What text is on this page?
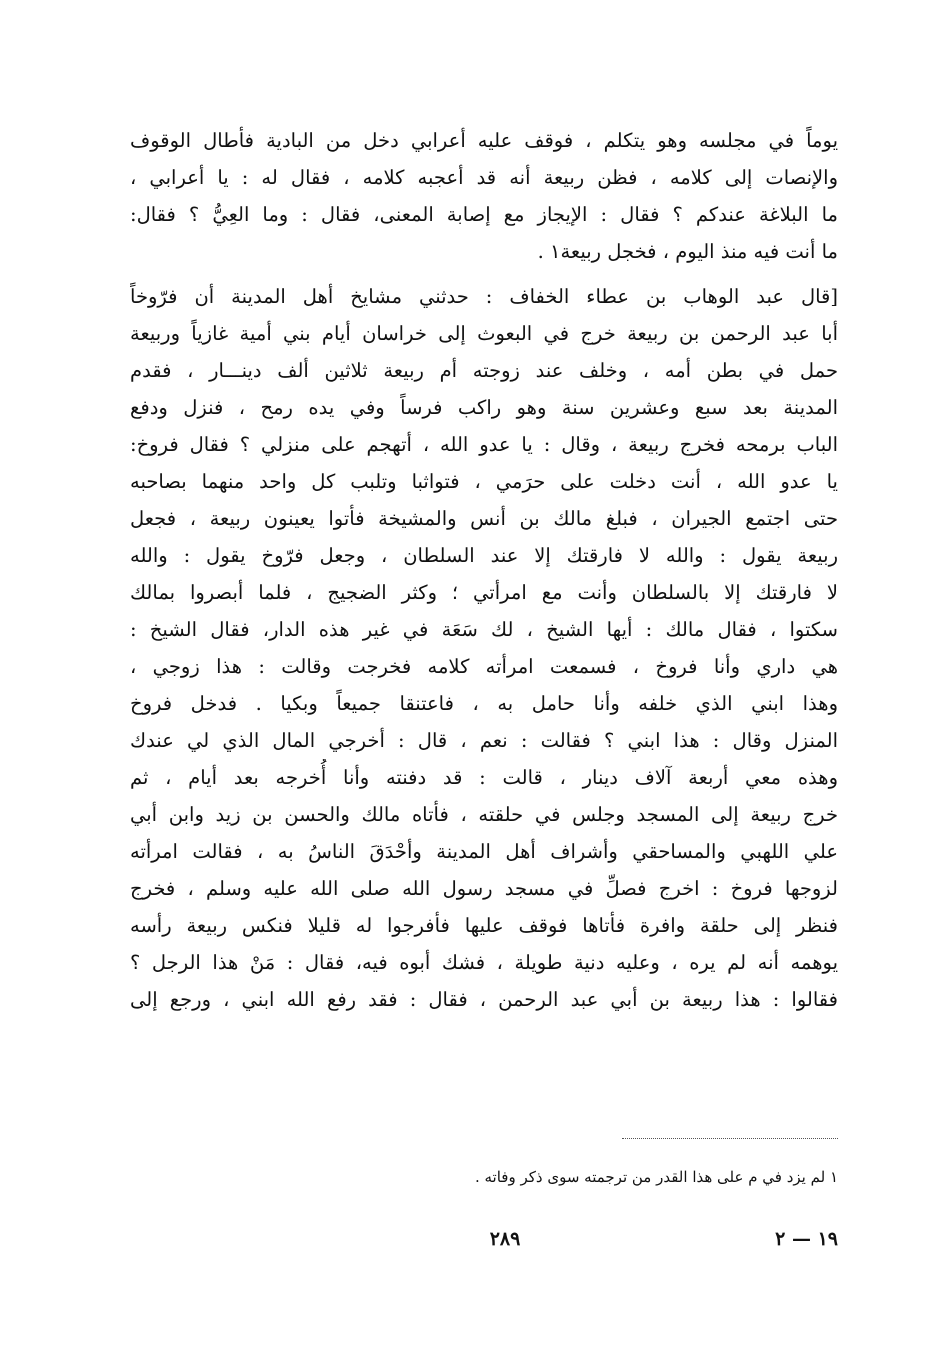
يوماً في مجلسه وهو يتكلم ، فوقف عليه أعرابي دخل من البادية فأطال الوقوف
والإنصات إلى كلامه ، فظن ربيعة أنه قد أعجبه كلامه ، فقال له : يا أعرابي ،
ما البلاغة عندكم ؟ فقال : الإيجاز مع إصابة المعنى، فقال : وما العِيُّ ؟ فقال:
ما أنت فيه منذ اليوم ، فخجل ربيعة١ .
[قال عبد الوهاب بن عطاء الخفاف : حدثني مشايخ أهل المدينة أن فرّوخاً
أبا عبد الرحمن بن ربيعة خرج في البعوث إلى خراسان أيام بني أمية غازياً وربيعة
حمل في بطن أمه ، وخلف عند زوجته أم ربيعة ثلاثين ألف دينـــار ، فقدم
المدينة بعد سبع وعشرين سنة وهو راكب فرساً وفي يده رمح ، فنزل ودفع
الباب برمحه فخرج ربيعة ، وقال : يا عدو الله ، أتهجم على منزلي ؟ فقال فروخ:
يا عدو الله ، أنت دخلت على حرَمي ، فتواثبا وتلبب كل واحد منهما بصاحبه
حتى اجتمع الجيران ، فبلغ مالك بن أنس والمشيخة فأتوا يعينون ربيعة ، فجعل
ربيعة يقول : والله لا فارقتك إلا عند السلطان ، وجعل فرّوخ يقول : والله
لا فارقتك إلا بالسلطان وأنت مع امرأتي ؛ وكثر الضجيج ، فلما أبصروا بمالك
سكتوا ، فقال مالك : أيها الشيخ ، لك سَعَة في غير هذه الدار، فقال الشيخ :
هي داري وأنا فروخ ، فسمعت امرأته كلامه فخرجت وقالت : هذا زوجي ،
وهذا ابني الذي خلفه وأنا حامل به ، فاعتنقا جميعاً وبكيا . فدخل فروخ
المنزل وقال : هذا ابني ؟ فقالت : نعم ، قال : أخرجي المال الذي لي عندك
وهذه معي أربعة آلاف دينار ، قالت : قد دفنته وأنا أُخرجه بعد أيام ، ثم
خرج ربيعة إلى المسجد وجلس في حلقته ، فأتاه مالك والحسن بن زيد وابن أبي
علي اللهبي والمساحقي وأشراف أهل المدينة وأحْدَقَ الناسُ به ، فقالت امرأته
لزوجها فروخ : اخرج فصلِّ في مسجد رسول الله صلى الله عليه وسلم ، فخرج
فنظر إلى حلقة وافرة فأتاها فوقف عليها فأفرجوا له قليلا فنكس ربيعة رأسه
يوهمه أنه لم يره ، وعليه دنية طويلة ، فشك أبوه فيه، فقال : مَنْ هذا الرجل ؟
فقالوا : هذا ربيعة بن أبي عبد الرحمن ، فقال : فقد رفع الله ابني ، ورجع إلى
١ لم يزد في م على هذا القدر من ترجمته سوى ذكر وفاته .
١٩ — ٢
٢٨٩
